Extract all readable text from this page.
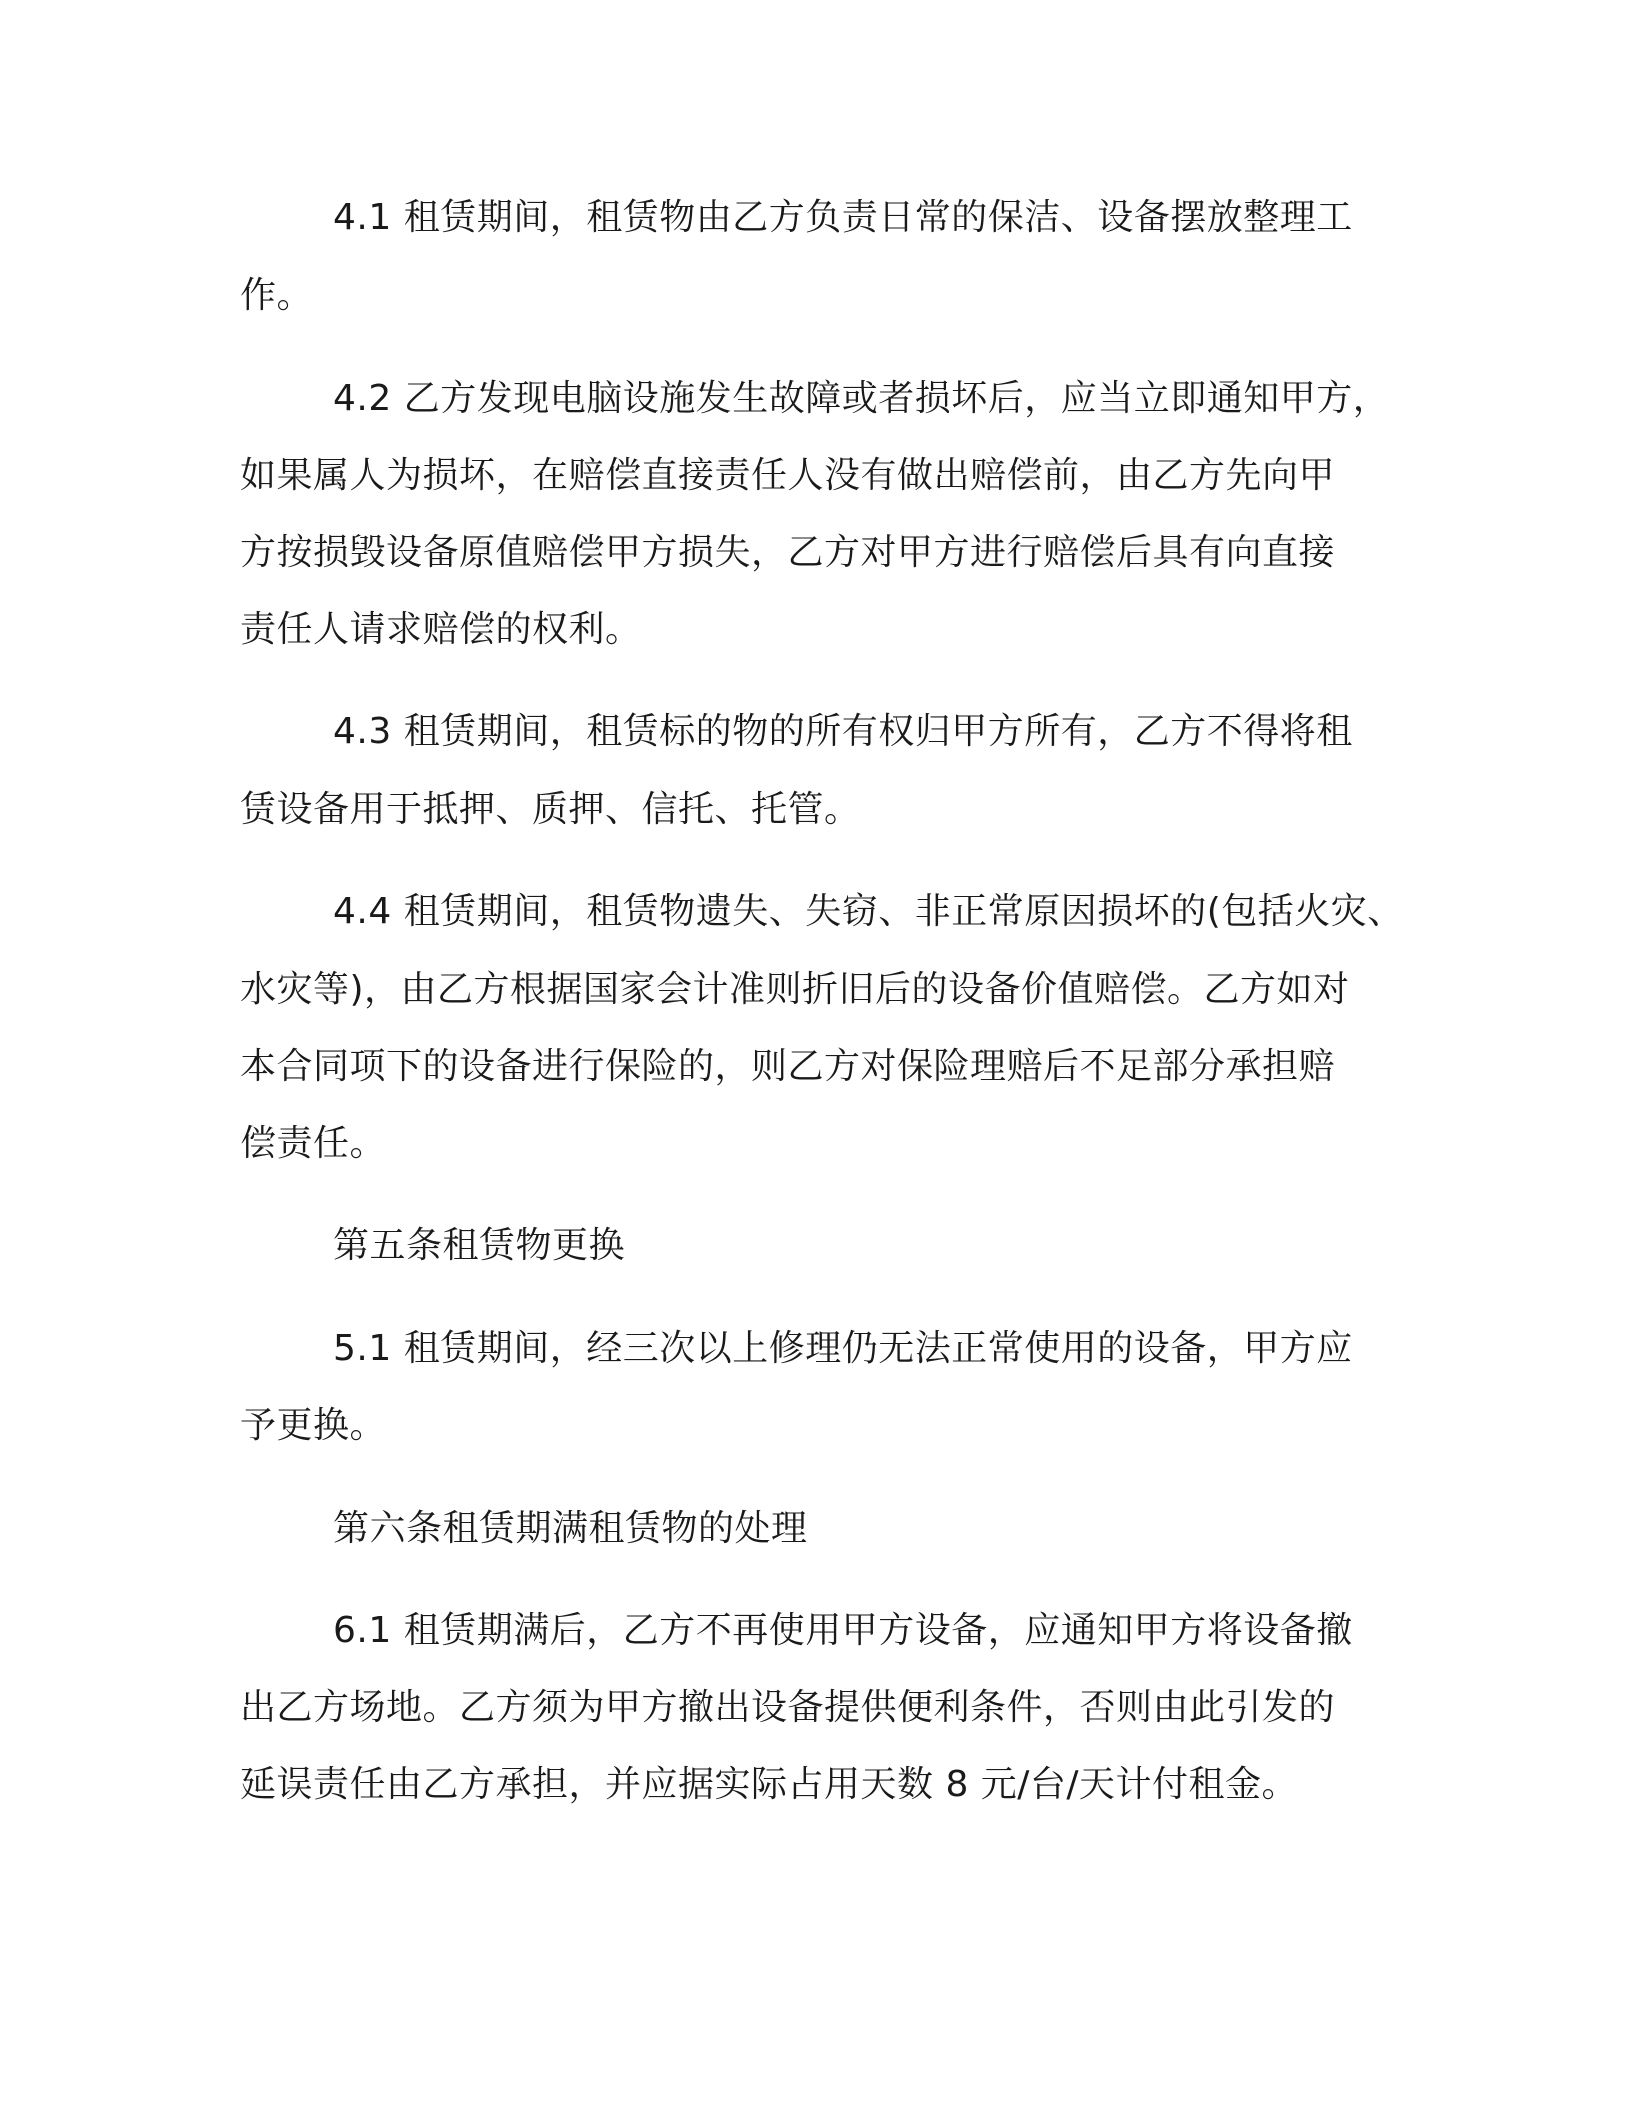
4.1 租赁期间，租赁物由乙方负责日常的保洁、设备摆放整理工
作。
4.2 乙方发现电脑设施发生故障或者损坏后，应当立即通知甲方，
如果属人为损坏，在赔偿直接责任人没有做出赔偿前，由乙方先向甲
方按损毁设备原值赔偿甲方损失，乙方对甲方进行赔偿后具有向直接
责任人请求赔偿的权利。
4.3 租赁期间，租赁标的物的所有权归甲方所有，乙方不得将租
赁设备用于抵押、质押、信托、托管。
4.4 租赁期间，租赁物遗失、失窃、非正常原因损坏的(包括火灾、
水灾等)，由乙方根据国家会计准则折旧后的设备价值赔偿。乙方如对
本合同项下的设备进行保险的，则乙方对保险理赔后不足部分承担赔
偿责任。
第五条租赁物更换
5.1 租赁期间，经三次以上修理仍无法正常使用的设备，甲方应
予更换。
第六条租赁期满租赁物的处理
6.1 租赁期满后，乙方不再使用甲方设备，应通知甲方将设备撤
出乙方场地。乙方须为甲方撤出设备提供便利条件，否则由此引发的
延误责任由乙方承担，并应据实际占用天数 8 元/台/天计付租金。
